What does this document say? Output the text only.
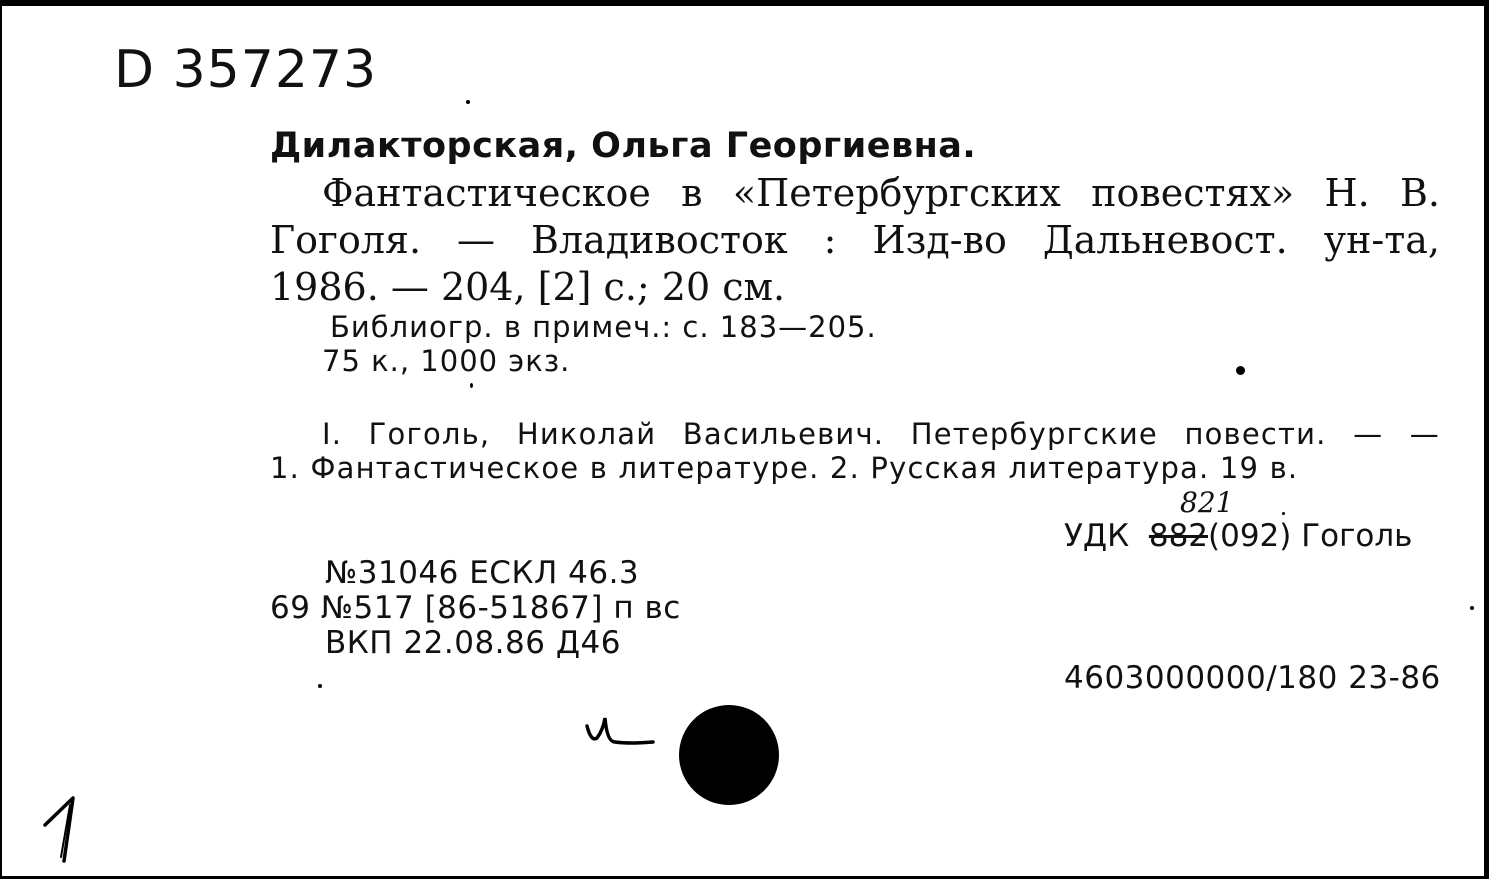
D 357273
Дилакторская, Ольга Георгиевна.
Фантастическое в «Петербургских повестях» Н. В.
Гоголя. — Владивосток : Изд-во Дальневост. ун-та,
1986. — 204, [2] с.; 20 см.
Библиогр. в примеч.: с. 183—205.
75 к., 1000 экз.
I. Гоголь, Николай Васильевич. Петербургские повести. — —
1. Фантастическое в литературе. 2. Русская литература. 19 в.
821
УДК 882(092) Гоголь
№31046 ЕСКЛ 46.3
69 №517 [86-51867] п вс
ВКП 22.08.86 Д46
4603000000/180 23-86
